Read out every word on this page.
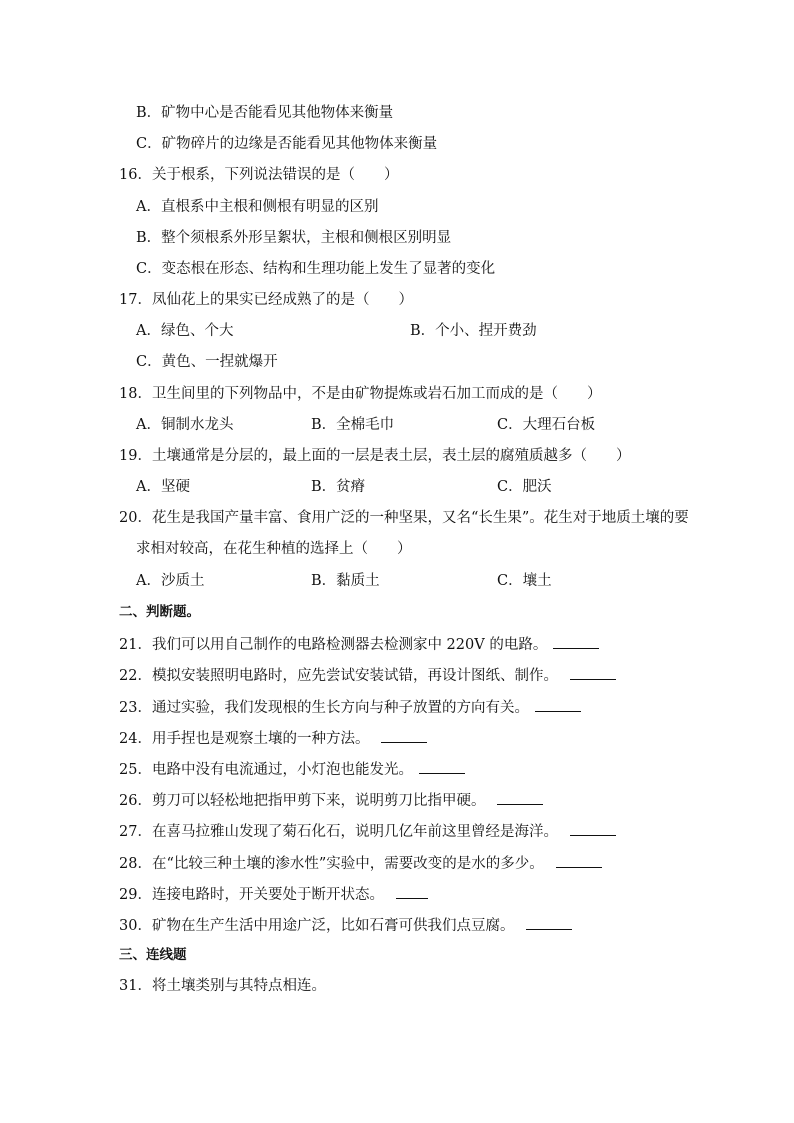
B．矿物中心是否能看见其他物体来衡量
C．矿物碎片的边缘是否能看见其他物体来衡量
16．关于根系，下列说法错误的是（　　）
A．直根系中主根和侧根有明显的区别
B．整个须根系外形呈絮状，主根和侧根区别明显
C．变态根在形态、结构和生理功能上发生了显著的变化
17．凤仙花上的果实已经成熟了的是（　　）
A．绿色、个大	B．个小、捏开费劲
C．黄色、一捏就爆开
18．卫生间里的下列物品中，不是由矿物提炼或岩石加工而成的是（　　）
A．铜制水龙头	B．全棉毛巾	C．大理石台板
19．土壤通常是分层的，最上面的一层是表土层，表土层的腐殖质越多（　　）
A．坚硬	B．贫瘠	C．肥沃
20．花生是我国产量丰富、食用广泛的一种坚果，又名“长生果”。花生对于地质土壤的要
求相对较高，在花生种植的选择上（　　）
A．沙质土	B．黏质土	C．壤土
二、判断题。
21．我们可以用自己制作的电路检测器去检测家中 220V 的电路。
22．模拟安装照明电路时，应先尝试安装试错，再设计图纸、制作。
23．通过实验，我们发现根的生长方向与种子放置的方向有关。
24．用手捏也是观察土壤的一种方法。
25．电路中没有电流通过，小灯泡也能发光。
26．剪刀可以轻松地把指甲剪下来，说明剪刀比指甲硬。
27．在喜马拉雅山发现了菊石化石，说明几亿年前这里曾经是海洋。
28．在“比较三种土壤的渗水性”实验中，需要改变的是水的多少。
29．连接电路时，开关要处于断开状态。
30．矿物在生产生活中用途广泛，比如石膏可供我们点豆腐。
三、连线题
31．将土壤类别与其特点相连。
